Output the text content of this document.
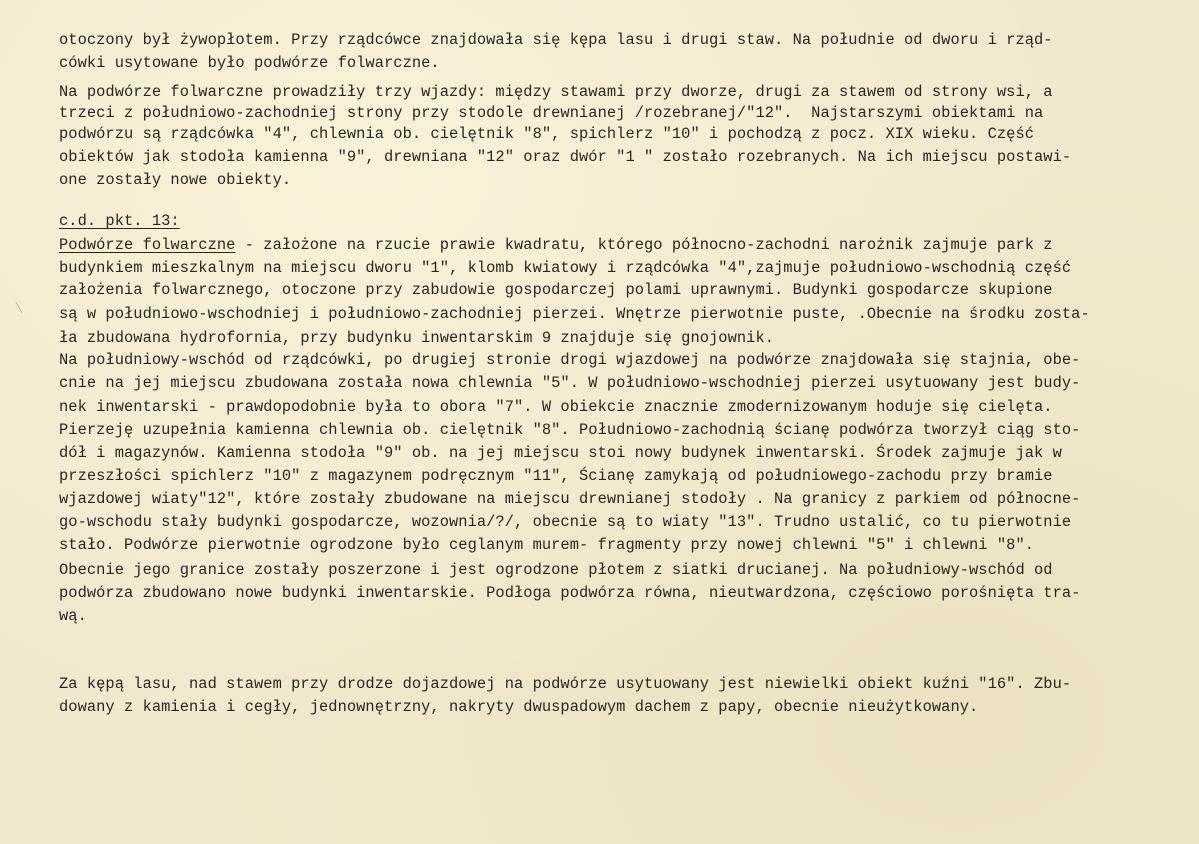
otoczony był żywopłotem. Przy rządcówce znajdowała się kępa lasu i drugi staw. Na południe od dworu i rząd-
ców​ki usytowane było podwórze folwarczne.
Na podwórze folwarczne prowadziły trzy wjazdy: między stawami przy dworze, drugi za stawem od strony wsi, a
trzeci z południowo-zachodniej strony przy stodole drewnianej /rozebranej/"12".  Najstarszymi obiektami na
podwórzu są rządcówka "4", chlewnia ob. cielętnik "8", spichlerz "10" i pochodzą z pocz. XIX wieku. Część
obiektów jak stodoła kamienna "9", drewniana "12" oraz dwór "1 " zostało rozebranych. Na ich miejscu postawi-
one zostały nowe obiekty.
c.d. pkt. 13:
Podwórze folwarczne - założone na rzucie prawie kwadratu, którego północno-zachodni narożnik zajmuje park z
budynkiem mieszkalnym na miejscu dworu "1", klomb kwiatowy i rządcówka "4",zajmuje południowo-wschodnią część
założenia folwarcznego, otoczone przy zabudowie gospodarczej polami uprawnymi. Budynki gospodarcze skupione
są w południowo-wschodniej i południowo-zachodniej pierzei. Wnętrze pierwotnie puste, .Obecnie na środku zosta-
ła zbudowana hydrofornia, przy budynku inwentarskim 9 znajduje się gnojownik.
Na południowy-wschód od rządcówki, po drugiej stronie drogi wjazdowej na podwórze znajdowała się stajnia, obe-
cnie na jej miejscu zbudowana została nowa chlewnia "5". W południowo-wschodniej pierzei usytuowany jest budy-
nek inwentarski - prawdopodobnie była to obora "7". W obiekcie znacznie zmodernizowanym hoduje się cielęta.
Pierzeję uzupełnia kamienna chlewnia ob. cielętnik "8". Południowo-zachodnią ścianę podwórza tworzył ciąg sto-
dół i magazynów. Kamienna stodoła "9" ob. na jej miejscu stoi nowy budynek inwentarski. Środek zajmuje jak w
przeszłości spichlerz "10" z magazynem podręcznym "11", Ścianę zamykają od południowego-zachodu przy bramie
wjazdowej wiaty"12", które zostały zbudowane na miejscu drewnianej stodoły . Na granicy z parkiem od północne-
go-wschodu stały budynki gospodarcze, wozownia/?/, obecnie są to wiaty "13". Trudno ustalić, co tu pierwotnie
stało. Podwórze pierwotnie ogrodzone było ceglanym murem- fragmenty przy nowej chlewni "5" i chlewni "8".
Obecnie jego granice zostały poszerzone i jest ogrodzone płotem z siatki drucianej. Na południowy-wschód od
podwórza zbudowano nowe budynki inwentarskie. Podłoga podwórza równa, nieutwardzona, częściowo porośnięta tra-
wą.
Za kępą lasu, nad stawem przy drodze dojazdowej na podwórze usytuowany jest niewielki obiekt kuźni "16". Zbu-
dowany z kamienia i cegły, jednownętrzny, nakryty dwuspadowym dachem z papy, obecnie nieużytkowany.
